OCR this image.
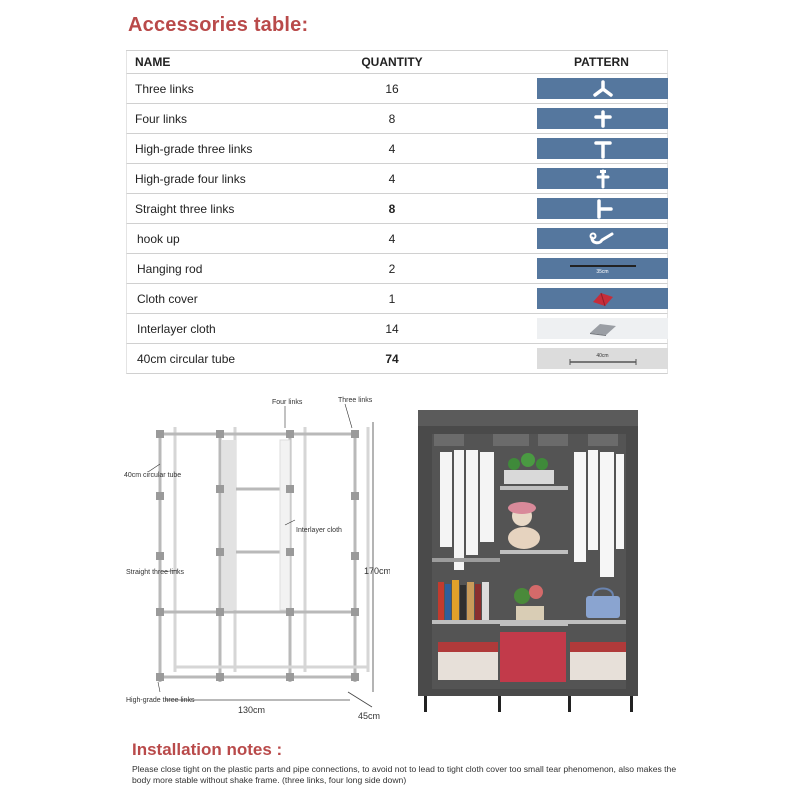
Accessories table:
NAME	QUANTITY	PATTERN
Three links	16
Four links	8
High-grade three links	4
High-grade four links	4
Straight three links	8
hook up	4
Hanging rod	2	35cm
Cloth cover	1
Interlayer cloth	14
40cm circular tube	74	40cm
Four links	Three links
40cm circular tube
Interlayer cloth
Straight three links
High-grade three links
170cm
130cm
45cm
Installation notes :
Please close tight on the plastic parts and pipe connections, to avoid not to lead to tight cloth cover too small tear phenomenon, also makes the body more stable without shake frame. (three links, four long side down)
